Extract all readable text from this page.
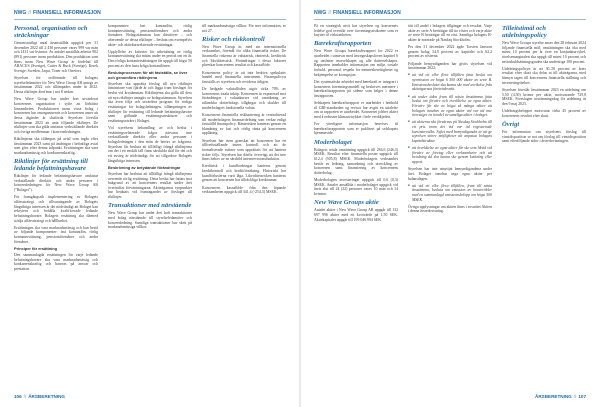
NWG // FINANSIELL INFORMASJON
Personal, organisation och sträckningar

Genomsnittligt antal årsanställda uppgick per 31 december 2022 till 2 430 personer varav 999 var män och 1431 var kvinnor. Av antalet anställda arbetar 902 (891) personer inom produktion. Den produktion som finns inom New Wave Group är fördelad till ABACUS (Sverige), Cutter & Buck (Sverige), Kerek Sverige, Sweden, Jaqui, Toner och Orrefors.

Styrelsen för ordförande till bolagets styrelseledamöter för New Wave Group AB antogs av årsstämman 2022 och tillämpades under år 2022. Dessa riktlinjer återfinns i not 8 nedan.

New Wave Group har under året utvärderat koncernens organisation i syfte att förbättra lönsamheten. Produktionen inom vissa bolag i koncernen har omorganiserats och koncernen anser att dessa åtgärder är slutförda. Styrelsen föreslår årsstämman 2023 att anta följande riktlinjer. De riktlinjer som ska gälla omfattar verkställande direktör och övriga medlemmar i koncernledningen.

Riktlinjerna ska tillämpas på avtal som ingås efter årsstämman 2023 samt på ändringar i befintliga avtal som görs efter denna tidpunkt. Ersättningen ska vara marknadsmässig och konkurrenskraftig.

Riktlinjer för ersättning till ledande befattningshavare

Riktlinjer för ledande befattningshavare omfattar verkställande direktör och andra personer i koncernledningen för New Wave Group AB ("Bolaget").

För framgångsrik implementering av Bolagets affärsstrategi och tillvaratagande av Bolagets långsiktiga intressen är det nödvändigt att Bolaget kan rekrytera och behålla kvalificerade ledande befattningshavare. Bolagets ersättning ska därmed stödja affärsstrategi och hållbarhet.

Ersättningen ska vara marknadsmässig och kan bestå av följande komponenter: fast kontantlön, rörlig kontantersättning, pensionsförmåner och andra förmåner.

Principer för ersättning

Den sammanlagda ersättningen för varje ledande befattningshavare ska vara marknadsmässig och konkurrenskraftig och baseras på ansvar och prestation.

komponenter: fast kontantlön, rörlig kontantersättning, pensionsförmåner och andra förmåner. Bolagsstämman kan därutöver – och oberoende av dessa riktlinjer – besluta om exempelvis aktie- och aktiekursrelaterade ersättningar.

Uppfyllelse av kriterier för utbetalning av rörlig kontantersättning ska mätas under en period om ett år. Den rörliga kontantersättningen får uppgå till högst 50 procent av den fasta årliga kontantlönen.

Beslutsprocessen för att fastställa, se över och genomföra riktlinjerna

Styrelsen ska upprätta förslag till nya riktlinjer åtminstone vart fjärde år och lägga fram förslaget för beslut vid årsstämman. Riktlinjerna ska gälla till dess att nya riktlinjer antagits av bolagsstämman. Styrelsen ska även följa och utvärdera program för rörliga ersättningar för bolagsledningen, tillämpningen av riktlinjer för ersättning till ledande befattningshavare samt gällande ersättningsstrukturer och ersättningsnivåer i Bolaget.

Vid styrelsens behandling av och beslut i ersättningsrelaterade frågor närvarar inte verkställande direktör eller andra personer i bolagsledningen i den mån de berörs av frågorna. Styrelsen får besluta att tillfälligt frångå riktlinjerna om det i ett enskilt fall finns särskilda skäl för det och ett avsteg är nödvändigt för att tillgodose Bolagets långsiktiga intressen.

Beskrivning av betydande förändringar

Styrelsen har beslutat att tillfälligt frångå riktlinjerna avseende rörlig ersättning. Detta beslut har fattats mot bakgrund av att koncernens resultat under året överträffat förväntningarna. Aktieägarnas synpunkter har beaktats vid framtagandet av förslaget till riktlinjer.

Transaktioner med närstående

New Wave Group har under året haft transaktioner med bolag närstående till styrelseledamöter och koncernledning. Samtliga transaktioner har skett på marknadsmässiga villkor.

till marknadsmässiga villkor. För mer information, se not 27.

Risker och riskkontroll

New Wave Group är, med sin internationella verksamhet, föremål för olika finansiella risker. De finansiella riskerna är valutarisk, ränterisk, kreditrisk och likviditetsrisk. Förändringar i dessa faktorer påverkar koncernens resultat och kassaflöde.

Koncernens policy är att inte bedriva spekulativ handel med finansiella instrument. Finanspolicyn fastställs av styrelsen och revideras årligen.

De hedgade valutaflöden utgör cirka 70% av koncernens totala inköp. Koncernen är exponerad mot förändringar i valutakurser vid omräkning av utländska dotterbolags tillgångar och skulder till moderbolagets funktionella valuta.

Koncernens finansiella riskhantering är centraliserad till moderbolagets finansavdelning som verkar enligt fastställd finanspolicy. Ränterisken hanteras genom en blandning av fast och rörlig ränta på koncernens upplåning.

Styrelsen har även granskat att koncernen har en tillfredsställande intern kontroll och att de formaliserade rutiner som upprättats för att hantera risker följs. Styrelsen har därför övervägt att det inte finns behov av en särskild internrevisionsfunktion.

Kreditrisk i kundfordringar hanteras genom kreditkontroll och kreditförsäkring. Historiskt har kundförlusterna varit låga. Likviditetsrisken hanteras genom att koncernen har tillräckliga kreditramar.

Koncernens kassaflöde från den löpande verksamheten uppgick till 341,4 (-254,3) MSEK.

106 // ÅRSBERETNING
NWG // FINANSIELL INFORMASJON

På en strategisk nivå har styrelsen og konsernets ledelse god oversikt over forretningsrisikoene som er knyttet til virksomheten.

Bærekraftsrapporten

New Wave Groups bærekraftsrapport for 2022 er utarbeidet i samsvar med årsregnskapsloven kapittel 6 og omfatter morselskapet og alle datterselskaper. Rapporten inneholder informasjon om miljø, sosiale forhold, personal, respekt for menneskerettigheter og bekjempelse av korrupsjon.

Det systematiske arbeidet med bærekraft er integrert i konsernets forretningsmodell og beskrives nærmere i bærekraftsrapporten på sidene som følger i denne årsrapporten.

Selskapets bærekraftsrapport er utarbeidet i henhold til GRI-standarden og revisor har avgitt en uttalelse om at rapporten er utarbeidet. Konsernet jobber aktivt med å redusere klimaavtrykket i hele verdikjeden.

For ytterligere informasjon henvises til bærekraftsrapporten som er publisert på selskapets hjemmeside.

Moderbolaget

Bolagets totala omsättning uppgick till 284,6 (246,3) MSEK. Resultat efter finansiella poster uppgick till 612,4 (505,8) MSEK. Moderbolagets verksamhet består av ledning, samordning och utveckling av koncernen samt finansiering av koncernens dotterbolag.

Moderbolagets investeringar uppgick till 0,6 (0,3) MSEK. Antalet anställda i moderbolaget uppgick vid årets slut till 24 (22) personer varav 10 män och 14 kvinnor.

New Wave Groups aktie

Antalet aktier i New Wave Group AB uppgår till 132 697 996 aktier med ett kvotvärde på 1,50 SEK. Aktiekapitalet uppgår till 199 046 994 SEK.

tätt till andel i bolagets tillgångar och resultat. Varje aktie av serie A berättigar till tio röster och varje aktie av serie B berättigar till en röst. Samtliga bolagets B-aktier är noterade på Nasdaq Stockholm.

Per den 31 december 2022 ägde Torsten Jansson genom bolag 34,9 procent av kapitalet och 62,2 procent av rösterna.

Följande bemyndiganden har givits styrelsen vid årsstämman 2022:

■ att vid ett eller flera tillfällen fatta beslut om nyemission av högst 6 500 000 aktier av serie B. Emissionsbeslutet ska kunna ske med avvikelse från aktieägarnas företrädesrätt.

■ att under tiden fram till nästa årsstämma fatta beslut om förvärv och överlåtelse av egna aktier. Förvärv får ske av högst så många aktier att bolagets innehav av egna aktier vid var tid inte överstiger en tiondel av samtliga aktier i bolaget.

■ att aktierna ska förvärvas på Nasdaq Stockholm till ett pris inom det vid var tid registrerade kursintervallet. Syftet med bemyndigandet är att ge styrelsen större möjligheter att anpassa bolagets kapitalstruktur.

■ att överlåtelse av egna aktier får ske som likvid vid förvärv av företag eller verksamheter och att betalning då ska kunna ske genom kvittning eller apport.

Styrelsen har inte utnyttjat bemyndigandena under året. Bolaget innehar inga egna aktier per balansdagen.

■ att vid ett eller flera tillfällen, fram till nästa årsstämma, besluta om emission av konvertibler med en sammanlagd emissionsbelopp om högst 500 MSEK.

Övriga upplysningar om aktien finns i avsnittet Aktien i denna årsredovisning.

Tilleitstimål och utdelningspolicy

New Wave Groups styrelse anser den 28 februari 2024 följande finansiella mål: omsättningen ska öka med minst 10 procent per år över en konjunkturcykel, rörelsemarginalen ska uppgå till minst 10 procent och nettoskuldsättningsgraden ska understiga 100 procent.

Utdelningspolicyn är att 30–50 procent av årets resultat efter skatt ska delas ut till aktieägarna, med hänsyn tagen till koncernens finansiella ställning och investeringsbehov.

Styrelsen föreslår årsstämman 2023 en utdelning om 5,50 (4,50) kronor per aktie, motsvarande 729,8 MSEK. Föreslagen avstämningsdag för utdelning är den 9 maj 2023.

Utdelningsbeloppet motsvarar cirka 45 procent av koncernens resultat efter skatt.

Övrigt

För information om styrelsens förslag till vinstdisposition se not om förslag till vinstdisposition samt efterföljande sidor i årsredovisningen.

ÅRSBERETNING // 107
